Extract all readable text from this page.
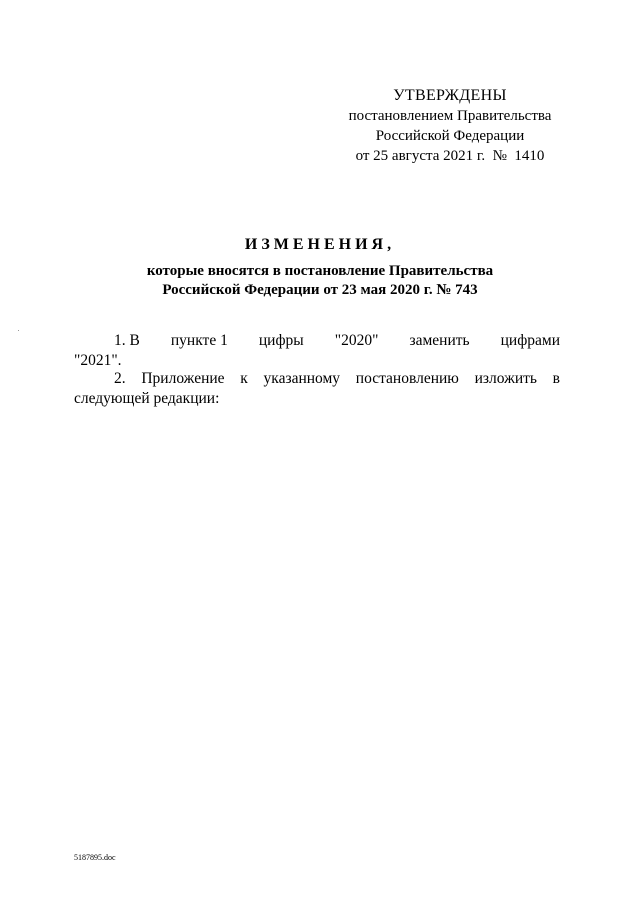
УТВЕРЖДЕНЫ
постановлением Правительства
Российской Федерации
от 25 августа 2021 г.  №  1410
ИЗМЕНЕНИЯ,
которые вносятся в постановление Правительства
Российской Федерации от 23 мая 2020 г. № 743
1. В пункте 1 цифры "2020" заменить цифрами
"2021".
2. Приложение к указанному постановлению изложить в следующей редакции:
5187895.doc
